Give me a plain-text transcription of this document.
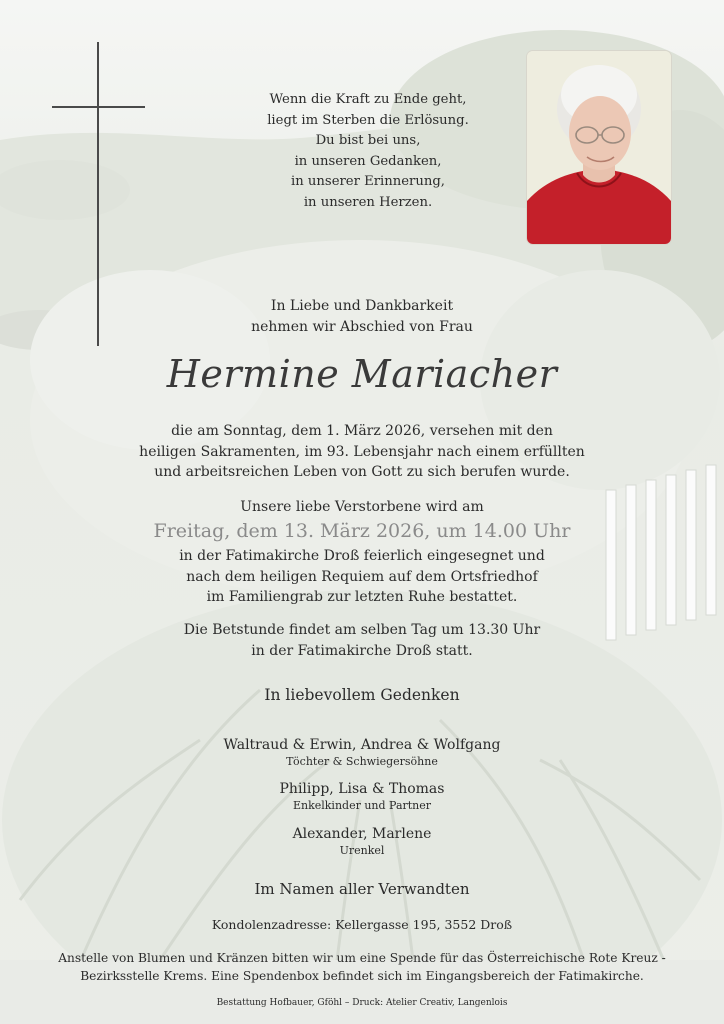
Wenn die Kraft zu Ende geht,
liegt im Sterben die Erlösung.
Du bist bei uns,
in unseren Gedanken,
in unserer Erinnerung,
in unseren Herzen.
In Liebe und Dankbarkeit
nehmen wir Abschied von Frau
Hermine Mariacher
die am Sonntag, dem 1. März 2026, versehen mit den
heiligen Sakramenten, im 93. Lebensjahr nach einem erfüllten
und arbeitsreichen Leben von Gott zu sich berufen wurde.
Unsere liebe Verstorbene wird am
Freitag, dem 13. März 2026, um 14.00 Uhr
in der Fatimakirche Droß feierlich eingesegnet und
nach dem heiligen Requiem auf dem Ortsfriedhof
im Familiengrab zur letzten Ruhe bestattet.
Die Betstunde findet am selben Tag um 13.30 Uhr
in der Fatimakirche Droß statt.
In liebevollem Gedenken
Waltraud & Erwin, Andrea & Wolfgang
Töchter & Schwiegersöhne
Philipp, Lisa & Thomas
Enkelkinder und Partner
Alexander, Marlene
Urenkel
Im Namen aller Verwandten
Kondolenzadresse: Kellergasse 195, 3552 Droß
Anstelle von Blumen und Kränzen bitten wir um eine Spende für das Österreichische Rote Kreuz -
Bezirksstelle Krems. Eine Spendenbox befindet sich im Eingangsbereich der Fatimakirche.
Bestattung Hofbauer, Gföhl – Druck: Atelier Creativ, Langenlois
